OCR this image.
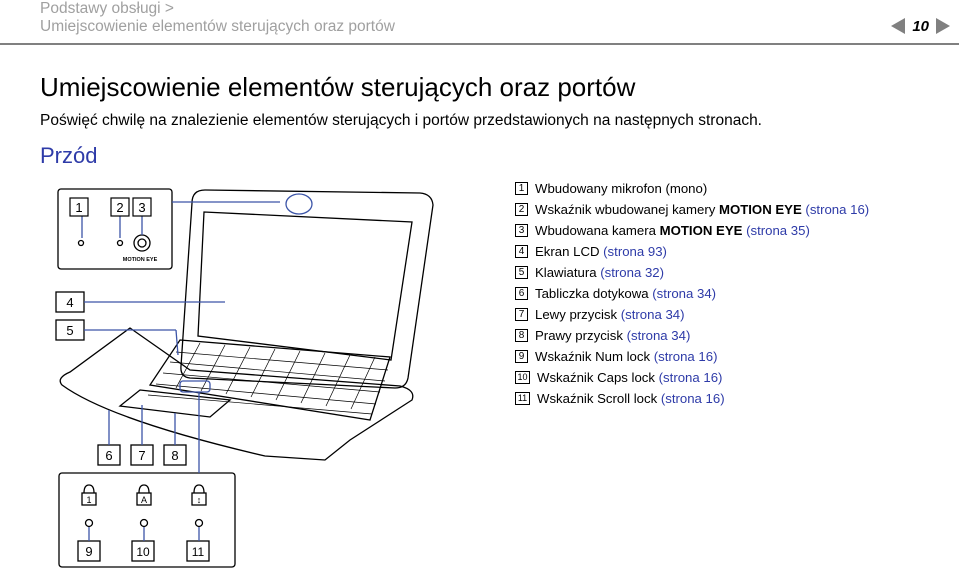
Podstawy obsługi >
Umiejscowienie elementów sterujących oraz portów	10
Umiejscowienie elementów sterujących oraz portów
Poświęć chwilę na znalezienie elementów sterujących i portów przedstawionych na następnych stronach.
Przód
1	2 3
4
5
6 7 8
9	10	11
MOTION EYE
1	A	↕
1 Wbudowany mikrofon (mono)
2 Wskaźnik wbudowanej kamery MOTION EYE (strona 16)
3 Wbudowana kamera MOTION EYE (strona 35)
4 Ekran LCD (strona 93)
5 Klawiatura (strona 32)
6 Tabliczka dotykowa (strona 34)
7 Lewy przycisk (strona 34)
8 Prawy przycisk (strona 34)
9 Wskaźnik Num lock (strona 16)
10 Wskaźnik Caps lock (strona 16)
11 Wskaźnik Scroll lock (strona 16)
